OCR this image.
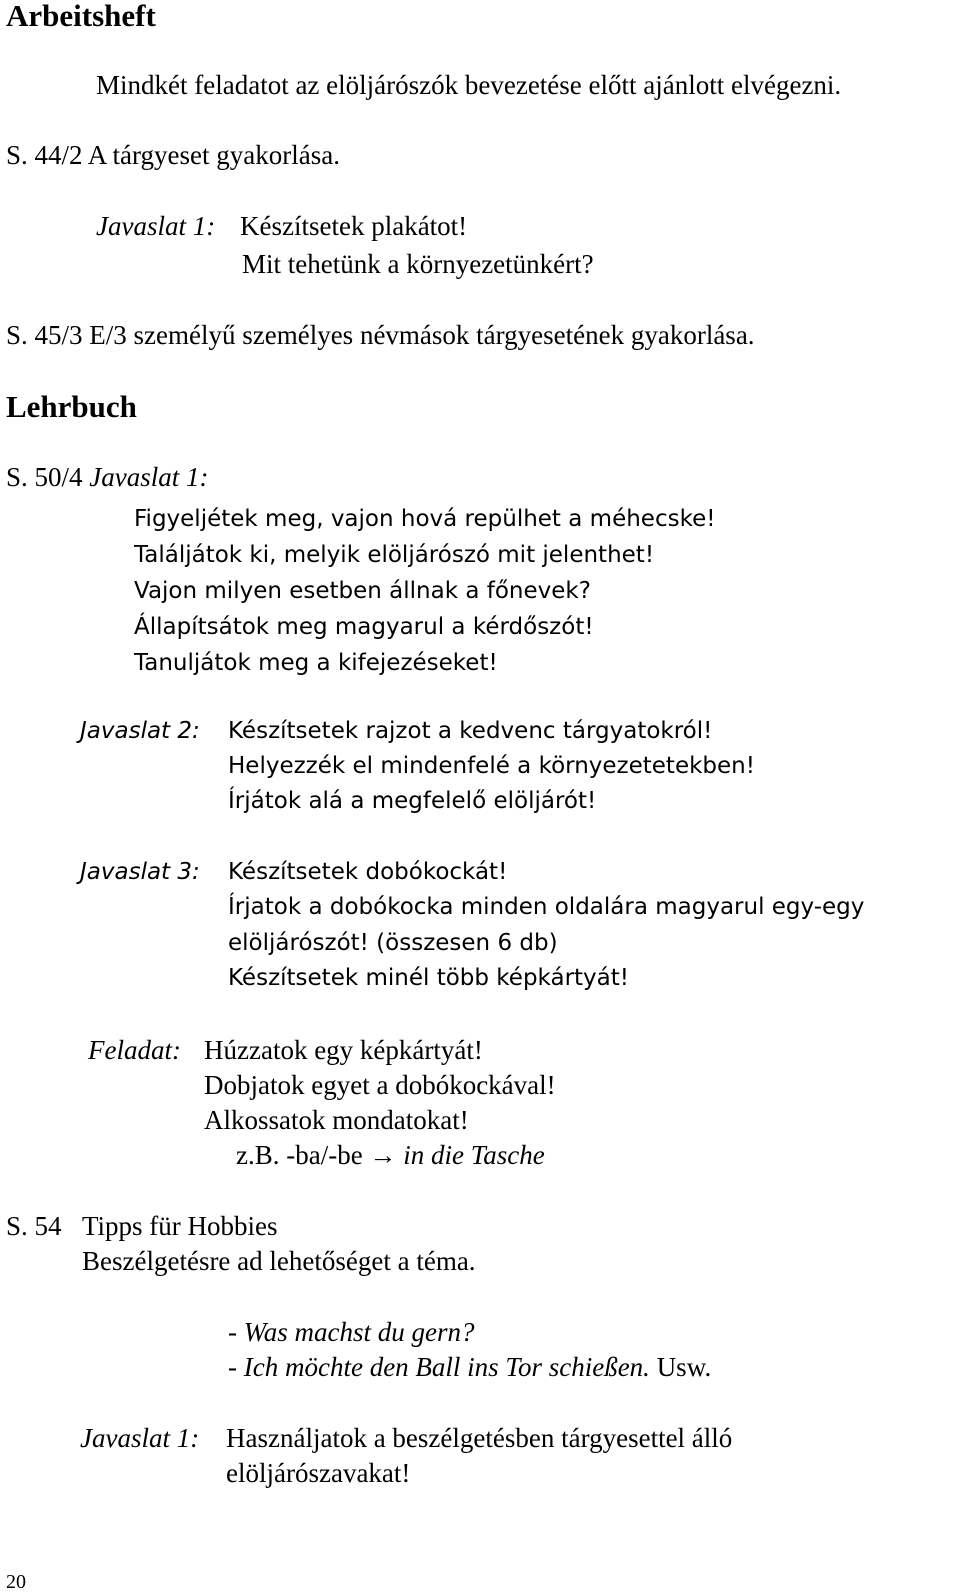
Arbeitsheft
Mindkét feladatot az elöljárószók bevezetése előtt ajánlott elvégezni.
S. 44/2 A tárgyeset gyakorlása.
Javaslat 1: Készítsetek plakátot!
Mit tehetünk a környezetünkért?
S. 45/3 E/3 személyű személyes névmások tárgyesetének gyakorlása.
Lehrbuch
S. 50/4 Javaslat 1:
Figyeljétek meg, vajon hová repülhet a méhecske!
Találjátok ki, melyik elöljárószó mit jelenthet!
Vajon milyen esetben állnak a főnevek?
Állapítsátok meg magyarul a kérdőszót!
Tanuljátok meg a kifejezéseket!
Javaslat 2: Készítsetek rajzot a kedvenc tárgyatokról!
Helyezzék el mindenfelé a környezetetekben!
Írjátok alá a megfelelő elöljárót!
Javaslat 3: Készítsetek dobókockát!
Írjatok a dobókocka minden oldalára magyarul egy-egy
elöljárószót! (összesen 6 db)
Készítsetek minél több képkártyát!
Feladat: Húzzatok egy képkártyát!
Dobjatok egyet a dobókockával!
Alkossatok mondatokat!
z.B. -ba/-be → in die Tasche
S. 54 Tipps für Hobbies
Beszélgetésre ad lehetőséget a téma.
- Was machst du gern?
- Ich möchte den Ball ins Tor schießen. Usw.
Javaslat 1: Használjatok a beszélgetésben tárgyesettel álló
elöljárószavakat!
20
